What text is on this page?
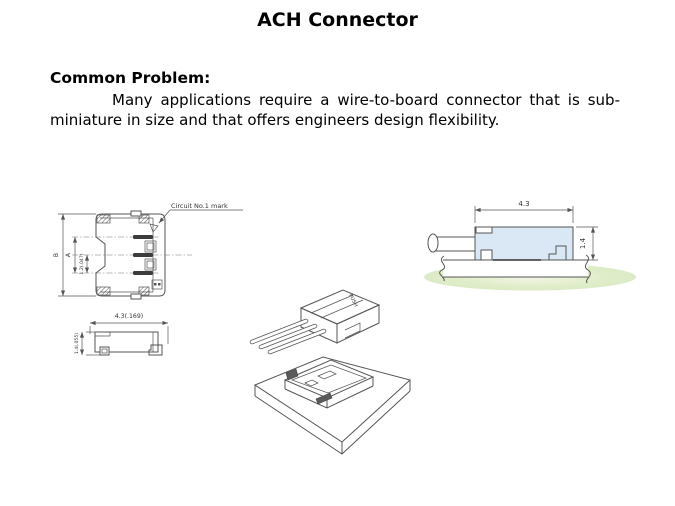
ACH Connector
Common Problem:
Many applications require a wire-to-board connector that is sub-miniature in size and that offers engineers design flexibility.
Circuit No.1 mark
B A 1.2(.047)
4.3(.169)
1.4(.055)
PUSH
4.3
1.4
